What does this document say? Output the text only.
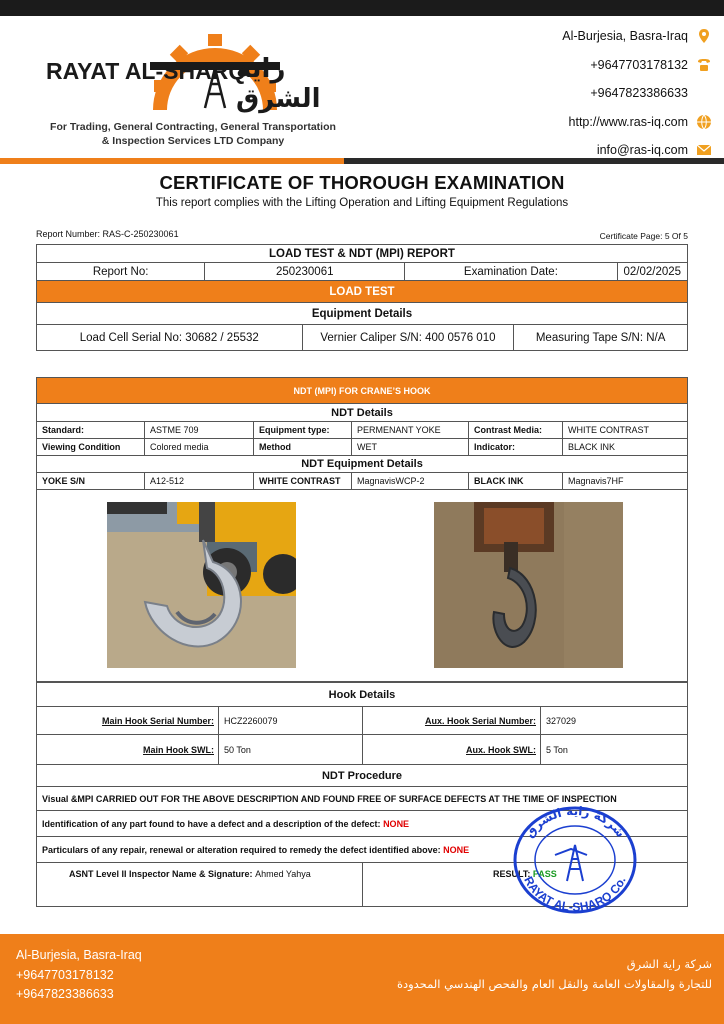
RAYAT AL-SHARQ
راية الشرق
For Trading, General Contracting, General Transportation
& Inspection Services LTD Company
Al-Burjesia, Basra-Iraq
+9647703178132
+9647823386633
http://www.ras-iq.com
info@ras-iq.com
CERTIFICATE OF THOROUGH EXAMINATION
This report complies with the Lifting Operation and Lifting Equipment Regulations
Report Number: RAS-C-250230061	Certificate Page: 5 Of 5
LOAD TEST & NDT (MPI) REPORT					
Report No:	250230061		Examination Date:		02/02/2025
LOAD TEST					
Equipment Details					
Load Cell Serial No: 30682 / 25532		Vernier Caliper S/N: 400 0576 010		Measuring Tape S/N: N/A	
NDT (MPI) FOR CRANE’S HOOK					
NDT Details					
Standard:	ASTME 709	Equipment type:	PERMENANT YOKE	Contrast Media:	WHITE CONTRAST
Viewing Condition	Colored media	Method	WET	Indicator:	BLACK INK
NDT Equipment Details					
YOKE S/N	A12-512	WHITE CONTRAST	MagnavisWCP-2	BLACK INK	Magnavis7HF

Hook Details			
Main Hook Serial Number:	HCZ2260079	Aux. Hook Serial Number:	327029
Main Hook SWL:	50 Ton	Aux. Hook SWL:	5 Ton
NDT Procedure			
Visual &MPI CARRIED OUT FOR THE ABOVE DESCRIPTION AND FOUND FREE OF SURFACE DEFECTS AT THE TIME OF INSPECTION			
Identification of any part found to have a defect and a description of the defect: NONE			
Particulars of any repair, renewal or alteration required to remedy the defect identified above: NONE			
ASNT Level II Inspector Name & Signature: Ahmed Yahya		RESULT: PASS	
شركة راية الشرق
RAYAT AL-SHARQ Co.
Al-Burjesia, Basra-Iraq
+9647703178132
+9647823386633
شركة راية الشرق
للتجارة والمقاولات العامة والنقل العام والفحص الهندسي المحدودة
